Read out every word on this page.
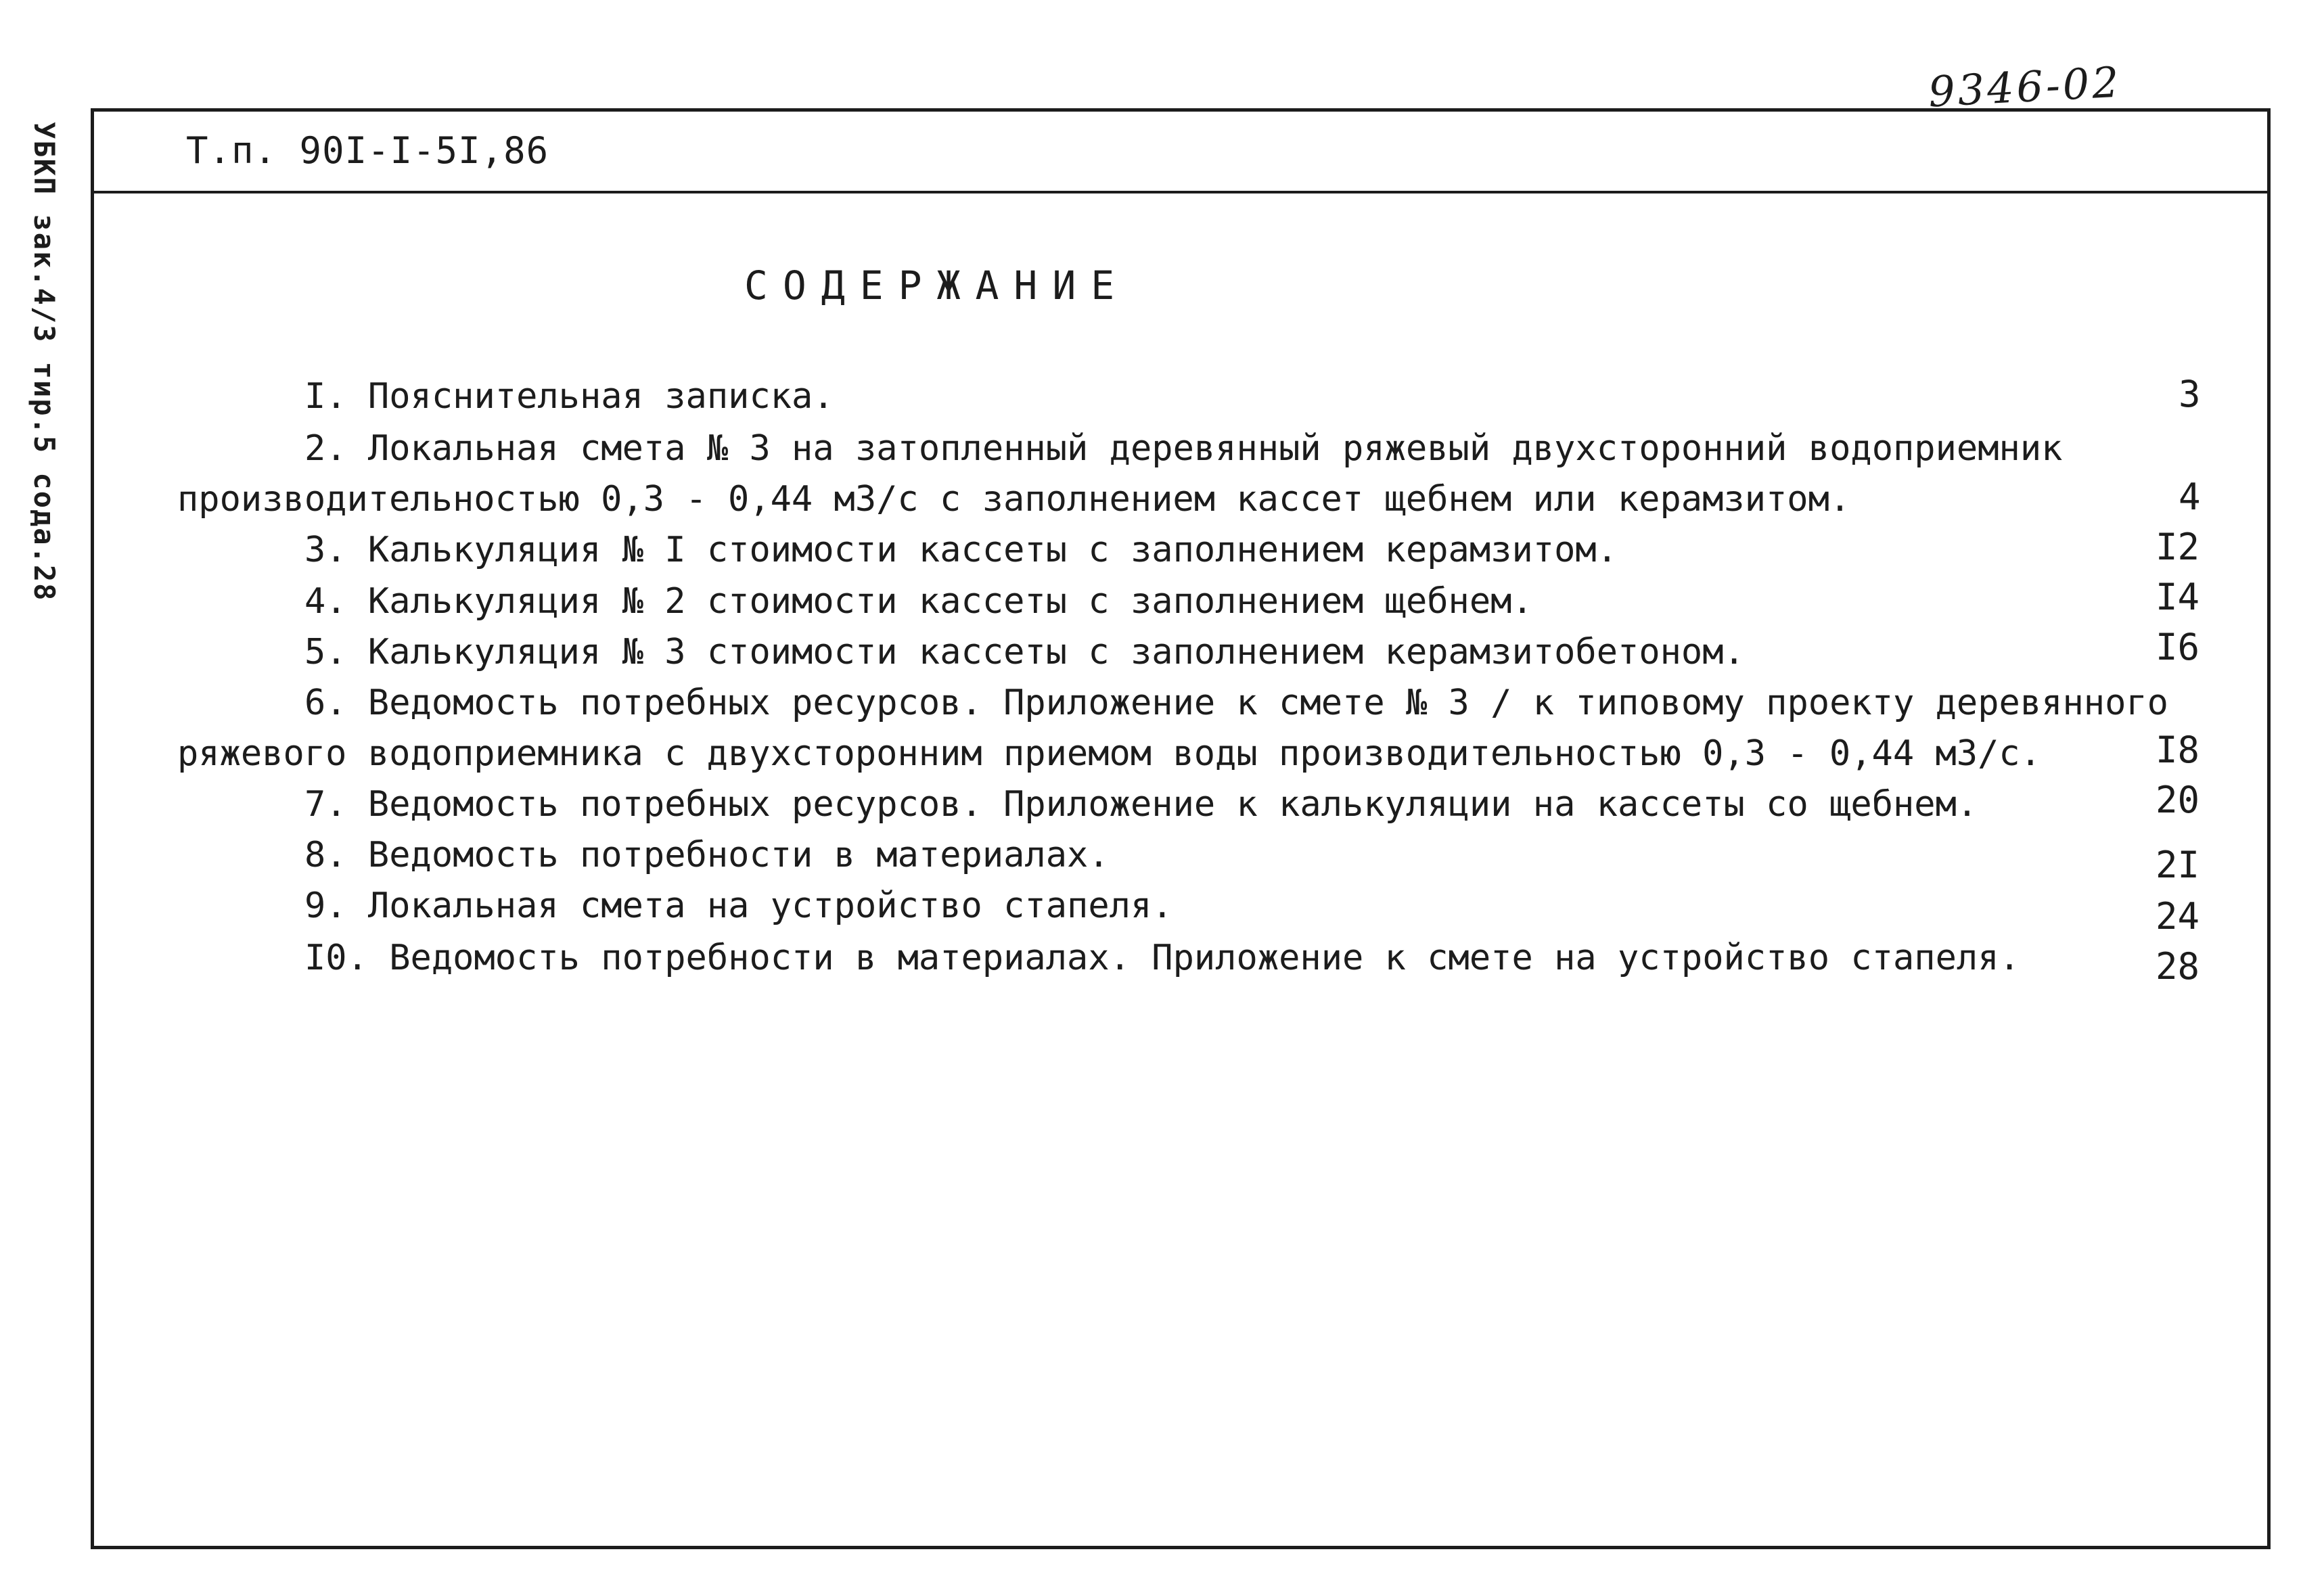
УБКП зак.4/3 тир.5 сода.28
9346-02
Т.п. 90I-I-5I,86
СОДЕРЖАНИЕ
I. Пояснительная записка.	3
2. Локальная смета № 3 на затопленный деревянный ряжевый двухсторонний водоприемник
производительностью 0,3 - 0,44 м3/с с заполнением кассет щебнем или керамзитом.	4
3. Калькуляция № I стоимости кассеты с заполнением керамзитом.	I2
4. Калькуляция № 2 стоимости кассеты с заполнением щебнем.	I4
5. Калькуляция № 3 стоимости кассеты с заполнением керамзитобетоном.	I6
6. Ведомость потребных ресурсов. Приложение к смете № 3 / к типовому проекту деревянного
ряжевого водоприемника с двухсторонним приемом воды производительностью 0,3 - 0,44 м3/с.	I8
7. Ведомость потребных ресурсов. Приложение к калькуляции на кассеты со щебнем.	20
8. Ведомость потребности в материалах.	2I
9. Локальная смета на устройство стапеля.	24
I0. Ведомость потребности в материалах. Приложение к смете на устройство стапеля.	28
